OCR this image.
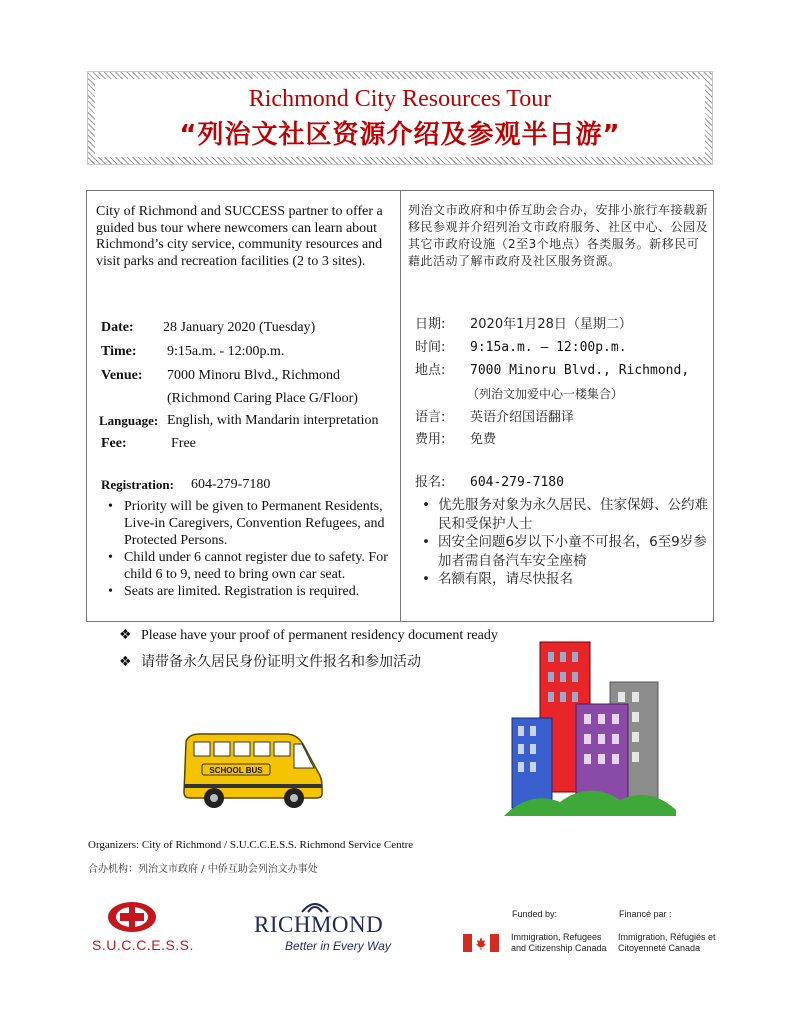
Richmond City Resources Tour
“列治文社区资源介绍及参观半日游”
City of Richmond and SUCCESS partner to offer a guided bus tour where newcomers can learn about Richmond’s city service, community resources and visit parks and recreation facilities (2 to 3 sites).
列治文市政府和中侨互助会合办，安排小旅行车接载新移民参观并介绍列治文市政府服务、社区中心、公园及其它市政府设施（2至3个地点）各类服务。新移民可藉此活动了解市政府及社区服务资源。
Date: 28 January 2020 (Tuesday)
Time: 9:15a.m. - 12:00p.m.
Venue: 7000 Minoru Blvd., Richmond
(Richmond Caring Place G/Floor)
Language: English, with Mandarin interpretation
Fee:	Free
Registration: 604-279-7180
• Priority will be given to Permanent Residents, Live-in Caregivers, Convention Refugees, and Protected Persons.
• Child under 6 cannot register due to safety. For child 6 to 9, need to bring own car seat.
• Seats are limited. Registration is required.
日期: 2020年1月28日（星期二）
时间: 9:15a.m. – 12:00p.m.
地点: 7000 Minoru Blvd., Richmond,
（列治文加爱中心一楼集合）
语言: 英语介绍国语翻译
费用: 免费
报名: 604-279-7180
• 优先服务对象为永久居民、住家保姆、公约难民和受保护人士
• 因安全问题6岁以下小童不可报名，6至9岁参加者需自备汽车安全座椅
• 名额有限，请尽快报名
❖ Please have your proof of permanent residency document ready
❖ 请带备永久居民身份证明文件报名和参加活动
SCHOOL BUS
Organizers: City of Richmond / S.U.C.C.E.S.S. Richmond Service Centre
合办机构：列治文市政府 / 中侨互助会列治文办事处
S.U.C.C.E.S.S.
RICHMOND
Better in Every Way
Funded by:	Financé par :
Immigration, Refugees and Citizenship Canada
Immigration, Réfugiés et Citoyenneté Canada
